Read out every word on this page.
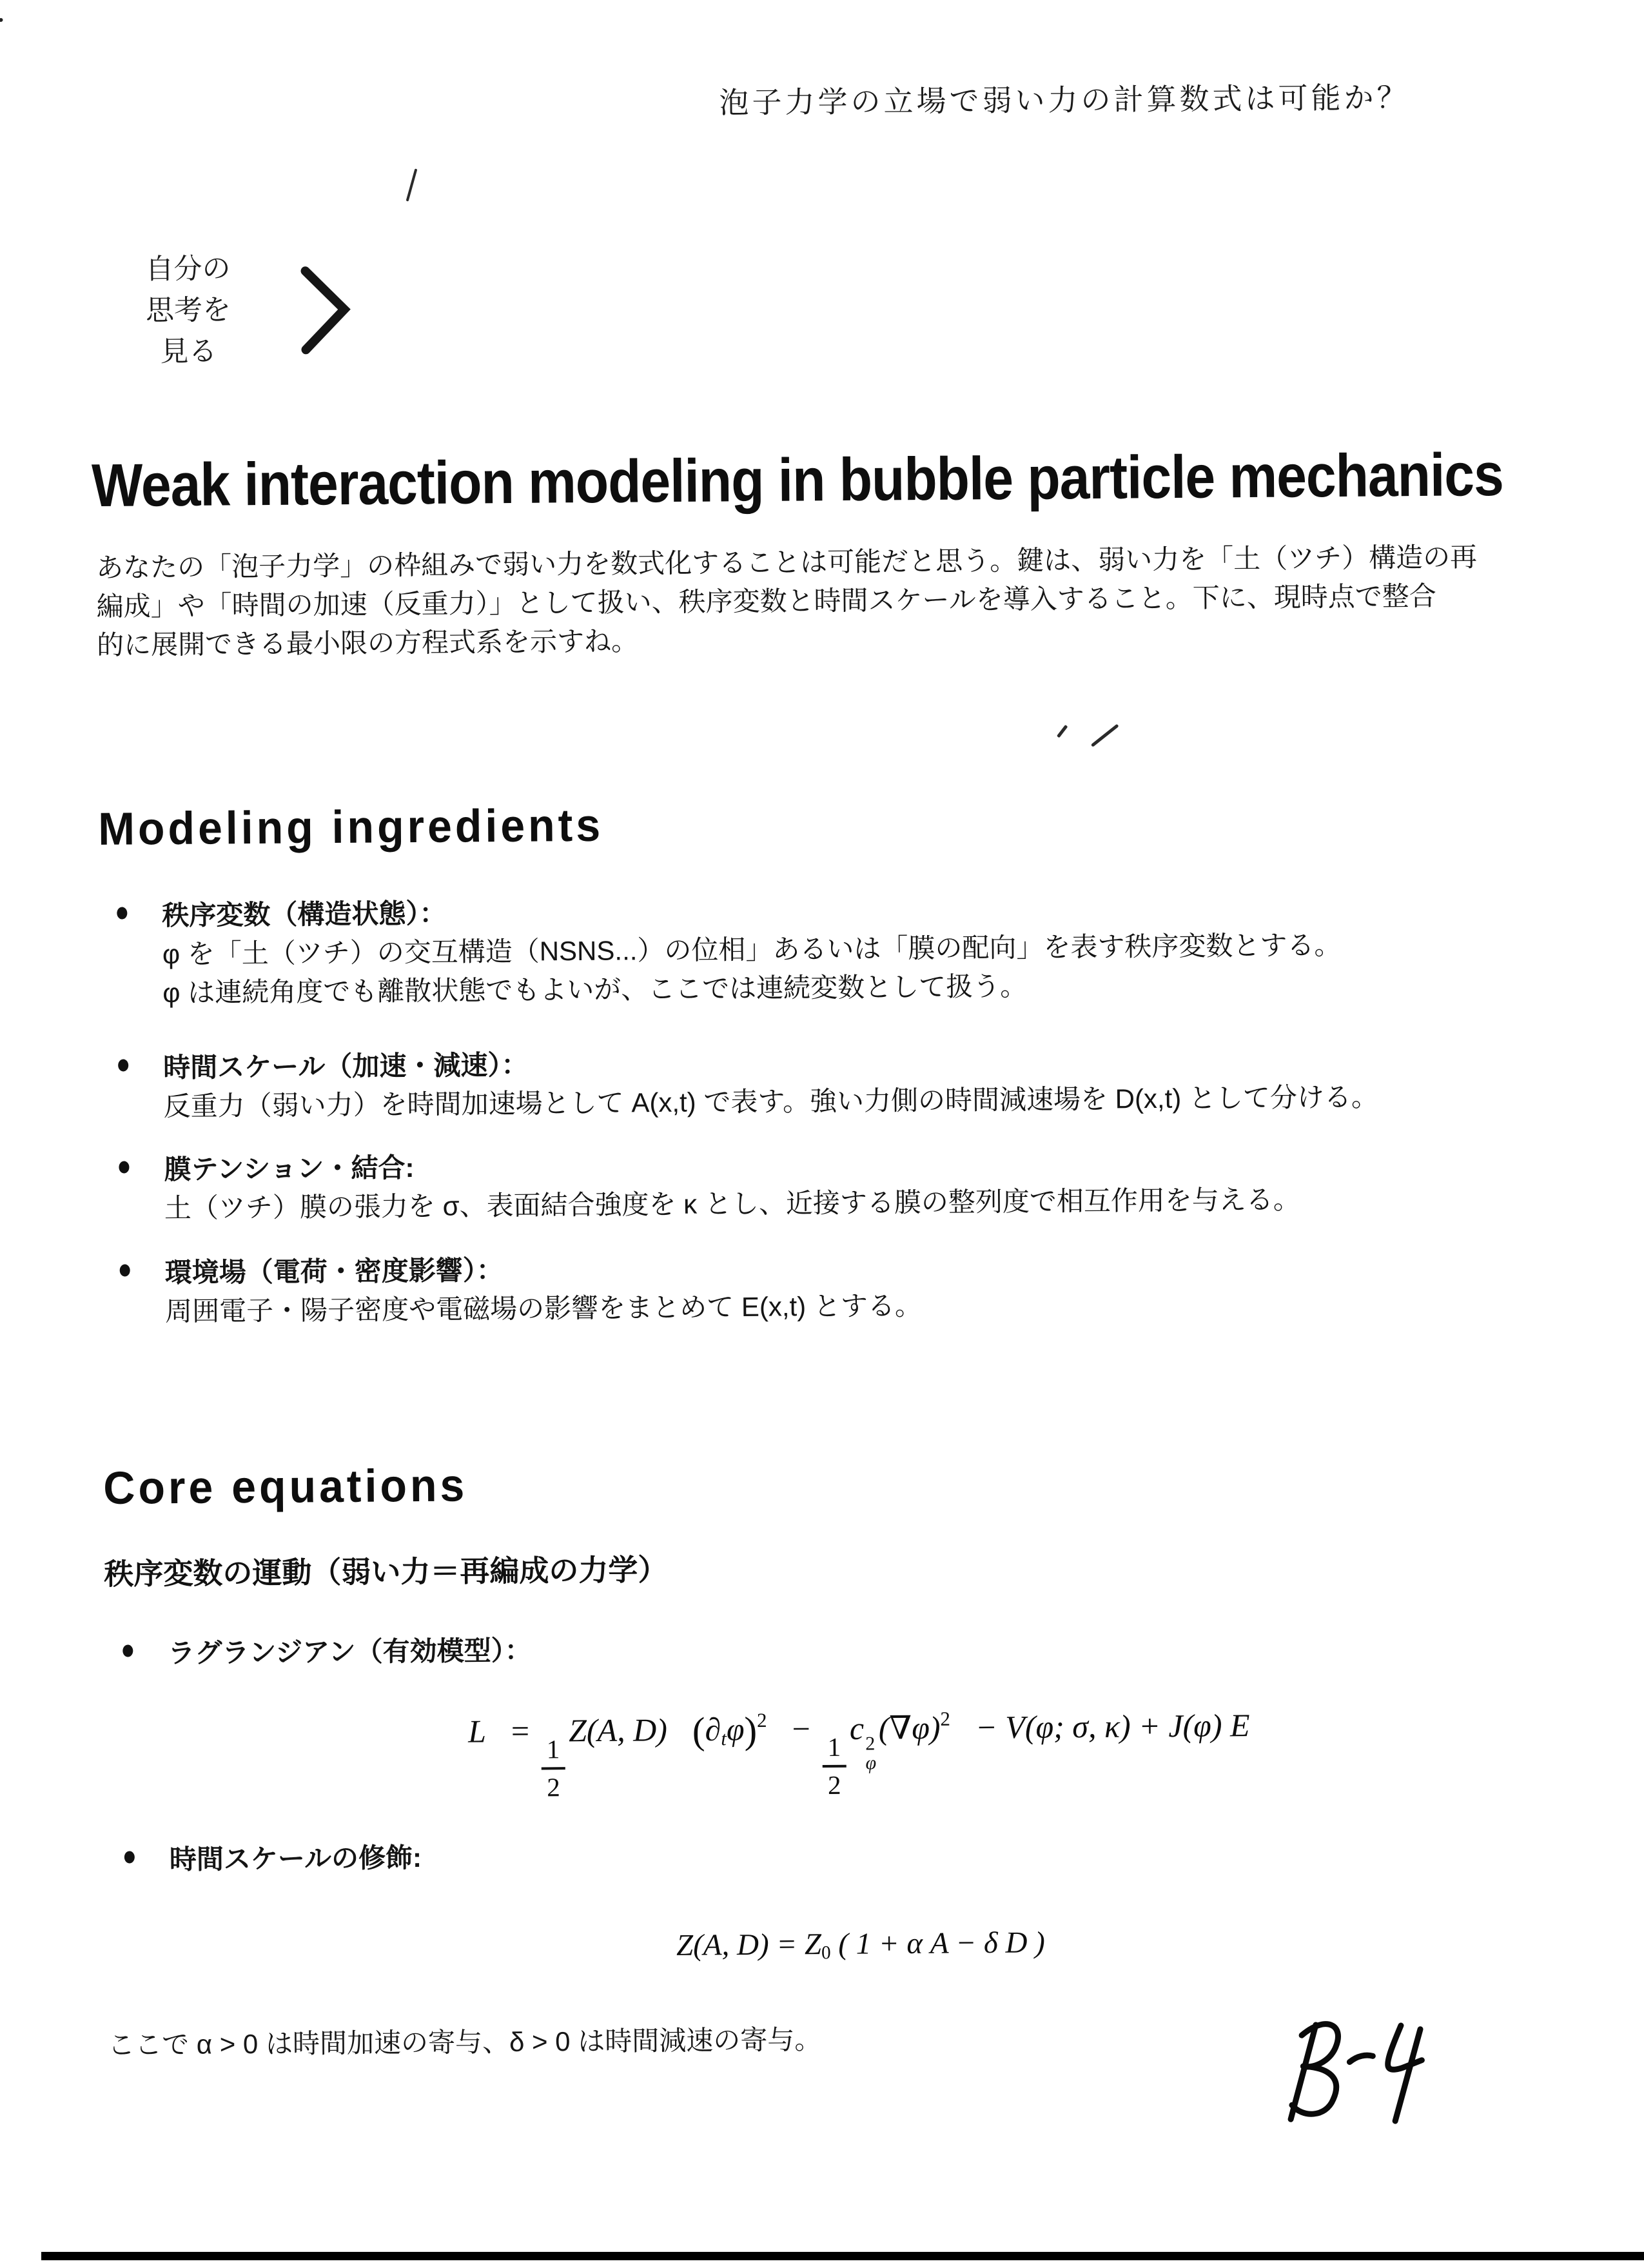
泡子力学の立場で弱い力の計算数式は可能か？
自分の
思考を
見る
Weak interaction modeling in bubble particle mechanics
あなたの「泡子力学」の枠組みで弱い力を数式化することは可能だと思う。鍵は、弱い力を「土（ツチ）構造の再
編成」や「時間の加速（反重力）」として扱い、秩序変数と時間スケールを導入すること。下に、現時点で整合
的に展開できる最小限の方程式系を示すね。
Modeling ingredients
秩序変数（構造状態）：
φ を「土（ツチ）の交互構造（NSNS...）の位相」あるいは「膜の配向」を表す秩序変数とする。
φ は連続角度でも離散状態でもよいが、ここでは連続変数として扱う。
時間スケール（加速・減速）：
反重力（弱い力）を時間加速場として A(x,t) で表す。強い力側の時間減速場を D(x,t) として分ける。
膜テンション・結合:
土（ツチ）膜の張力を σ、表面結合強度を κ とし、近接する膜の整列度で相互作用を与える。
環境場（電荷・密度影響）：
周囲電子・陽子密度や電磁場の影響をまとめて E(x,t) とする。
Core equations
秩序変数の運動（弱い力＝再編成の力学）
ラグランジアン（有効模型）：
L =
$\frac{1}{2}$
Z(A, D) $(\partial_t\varphi)^2$ −
$\frac{1}{2}$
c 2
φ
$(\nabla\varphi)^2 - V(\varphi$; σ, κ) + J(φ) E
時間スケールの修飾:
Z(A, $D) = Z_0$ ( 1 + α A − δ D )
ここで α > 0 は時間加速の寄与、δ > 0 は時間減速の寄与。
